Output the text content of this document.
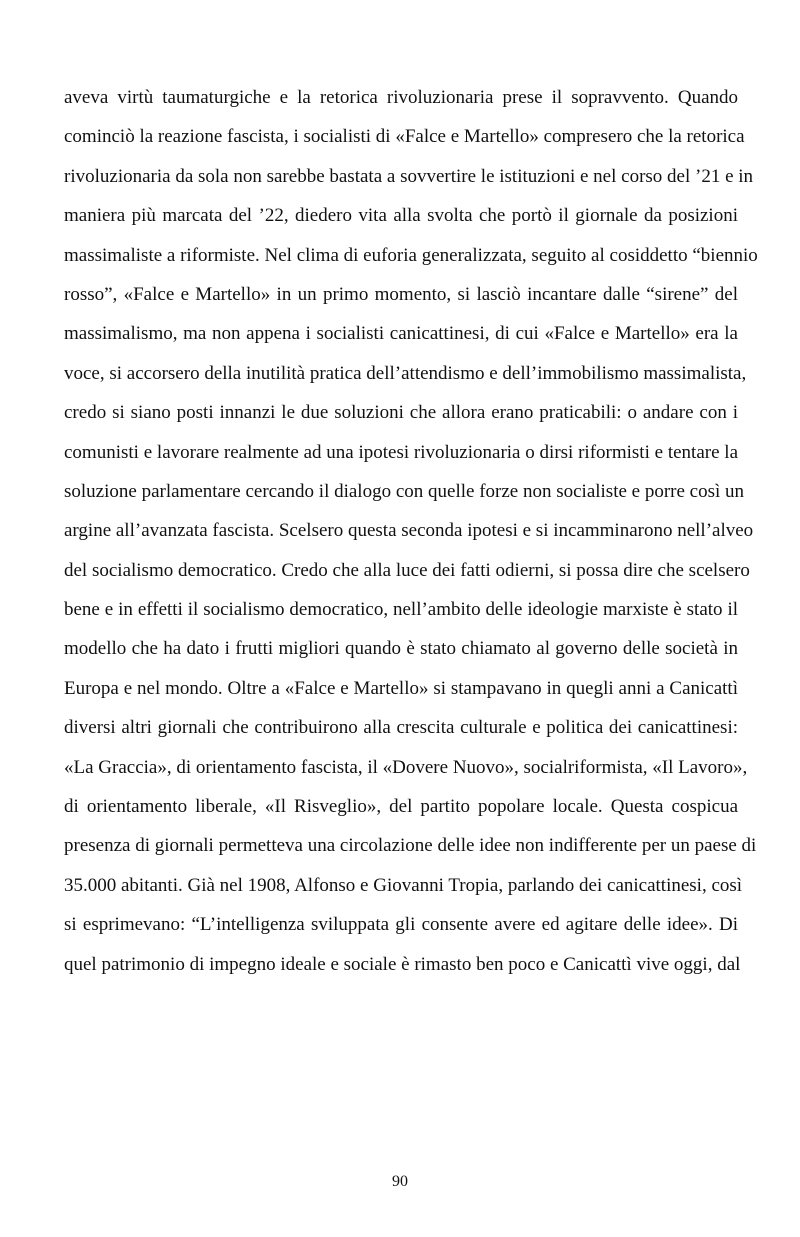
aveva virtù taumaturgiche e la retorica rivoluzionaria prese il sopravvento. Quando
cominciò la reazione fascista, i socialisti di «Falce e Martello» compresero che la retorica
rivoluzionaria da sola non sarebbe bastata a sovvertire le istituzioni e nel corso del ’21 e in
maniera più marcata del ’22, diedero vita alla svolta che portò il giornale da posizioni
massimaliste a riformiste. Nel clima di euforia generalizzata, seguito al cosiddetto “biennio
rosso”, «Falce e Martello» in un primo momento, si lasciò incantare dalle “sirene” del
massimalismo, ma non appena i socialisti canicattinesi, di cui «Falce e Martello» era la
voce, si accorsero della inutilità pratica dell’attendismo e dell’immobilismo massimalista,
credo si siano posti innanzi le due soluzioni che allora erano praticabili: o andare con i
comunisti e lavorare realmente ad una ipotesi rivoluzionaria o dirsi riformisti e tentare la
soluzione parlamentare cercando il dialogo con quelle forze non socialiste e porre così un
argine all’avanzata fascista. Scelsero questa seconda ipotesi e si incamminarono nell’alveo
del socialismo democratico. Credo che alla luce dei fatti odierni, si possa dire che scelsero
bene e in effetti il socialismo democratico, nell’ambito delle ideologie marxiste è stato il
modello che ha dato i frutti migliori quando è stato chiamato al governo delle società in
Europa e nel mondo. Oltre a «Falce e Martello» si stampavano in quegli anni a Canicattì
diversi altri giornali che contribuirono alla crescita culturale e politica dei canicattinesi:
«La Graccia», di orientamento fascista, il «Dovere Nuovo», socialriformista, «Il Lavoro»,
di orientamento liberale, «Il Risveglio», del partito popolare locale. Questa cospicua
presenza di giornali permetteva una circolazione delle idee non indifferente per un paese di
35.000 abitanti. Già nel 1908, Alfonso e Giovanni Tropia, parlando dei canicattinesi, così
si esprimevano: “L’intelligenza sviluppata gli consente avere ed agitare delle idee». Di
quel patrimonio di impegno ideale e sociale è rimasto ben poco e Canicattì vive oggi, dal
90
